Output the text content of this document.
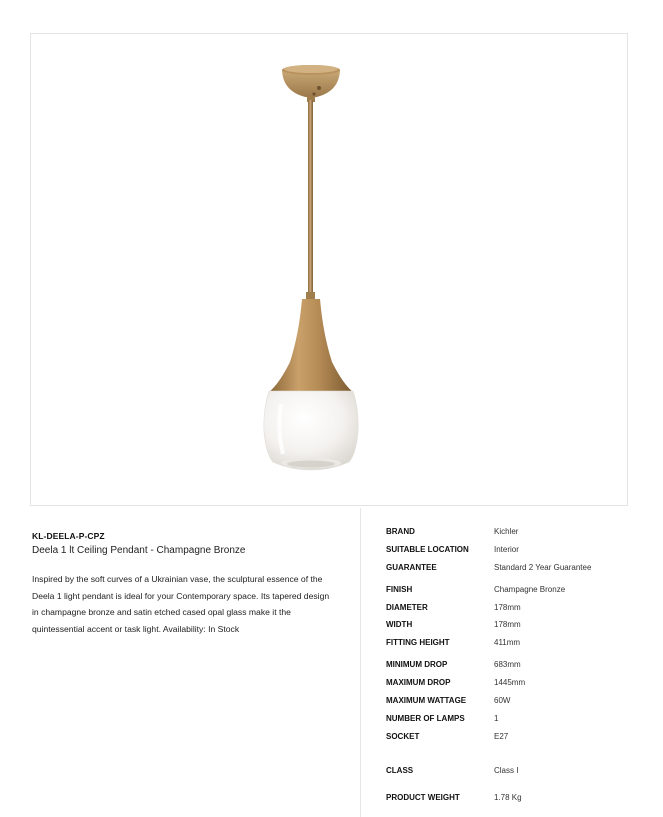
KL-DEELA-P-CPZ
Deela 1 lt Ceiling Pendant - Champagne Bronze
Inspired by the soft curves of a Ukrainian vase, the sculptural essence of the Deela 1 light pendant is ideal for your Contemporary space. Its tapered design in champagne bronze and satin etched cased opal glass make it the quintessential accent or task light. Availability: In Stock
BRAND	Kichler
SUITABLE LOCATION	Interior
GUARANTEE	Standard 2 Year Guarantee
FINISH	Champagne Bronze
DIAMETER	178mm
WIDTH	178mm
FITTING HEIGHT	411mm
MINIMUM DROP	683mm
MAXIMUM DROP	1445mm
MAXIMUM WATTAGE	60W
NUMBER OF LAMPS	1
SOCKET	E27
CLASS	Class I
PRODUCT WEIGHT	1.78 Kg
